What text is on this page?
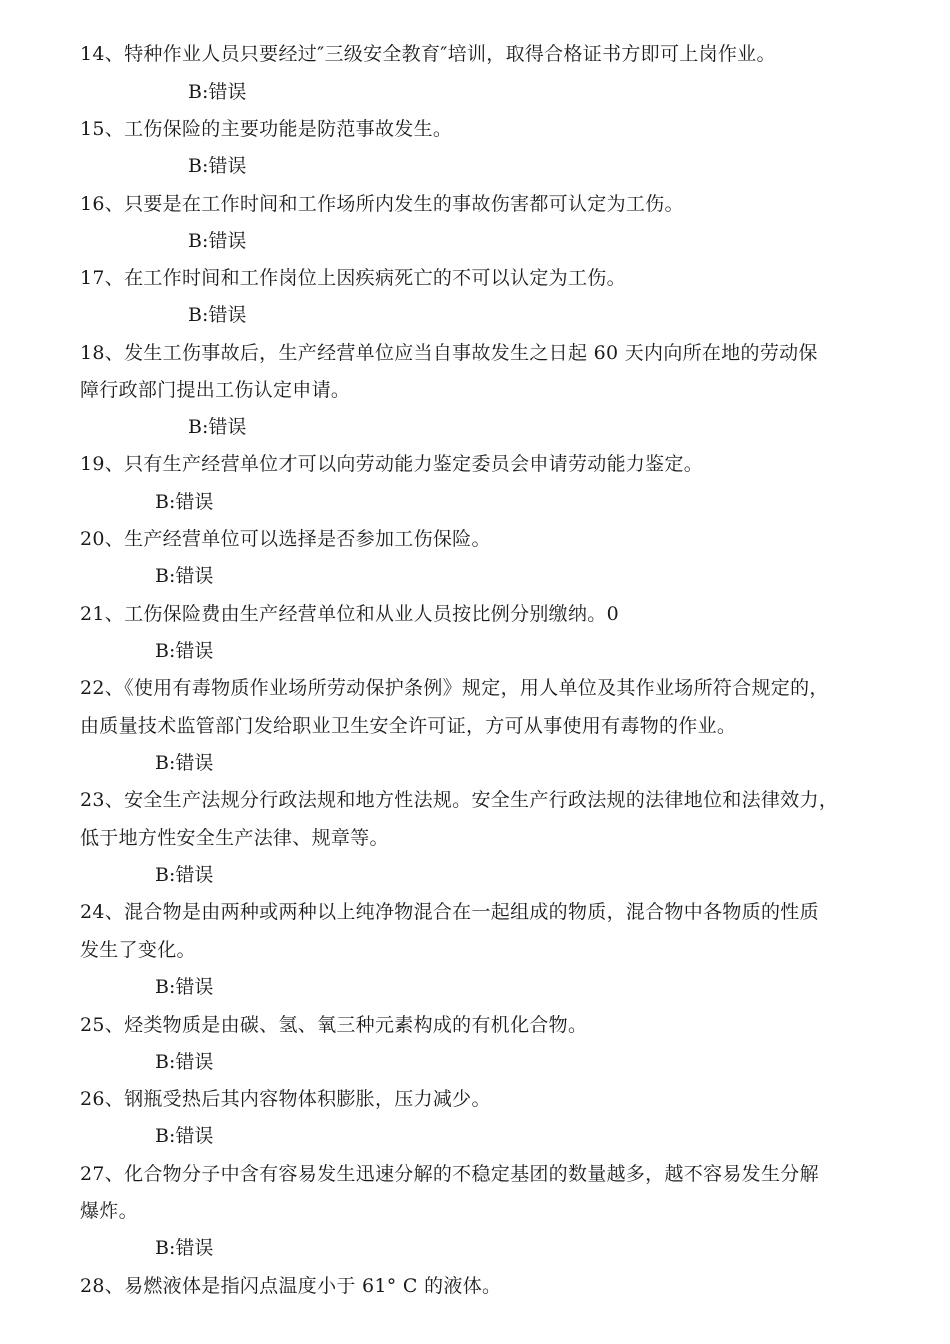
14、特种作业人员只要经过″三级安全教育″培训，取得合格证书方即可上岗作业。
B:错误
15、工伤保险的主要功能是防范事故发生。
B:错误
16、只要是在工作时间和工作场所内发生的事故伤害都可认定为工伤。
B:错误
17、在工作时间和工作岗位上因疾病死亡的不可以认定为工伤。
B:错误
18、发生工伤事故后，生产经营单位应当自事故发生之日起 60 天内向所在地的劳动保
障行政部门提出工伤认定申请。
B:错误
19、只有生产经营单位才可以向劳动能力鉴定委员会申请劳动能力鉴定。
B:错误
20、生产经营单位可以选择是否参加工伤保险。
B:错误
21、工伤保险费由生产经营单位和从业人员按比例分别缴纳。0
B:错误
22、《使用有毒物质作业场所劳动保护条例》规定，用人单位及其作业场所符合规定的，
由质量技术监管部门发给职业卫生安全许可证，方可从事使用有毒物的作业。
B:错误
23、安全生产法规分行政法规和地方性法规。安全生产行政法规的法律地位和法律效力，
低于地方性安全生产法律、规章等。
B:错误
24、混合物是由两种或两种以上纯净物混合在一起组成的物质，混合物中各物质的性质
发生了变化。
B:错误
25、烃类物质是由碳、氢、氧三种元素构成的有机化合物。
B:错误
26、钢瓶受热后其内容物体积膨胀，压力减少。
B:错误
27、化合物分子中含有容易发生迅速分解的不稳定基团的数量越多，越不容易发生分解
爆炸。
B:错误
28、易燃液体是指闪点温度小于 61° C 的液体。
